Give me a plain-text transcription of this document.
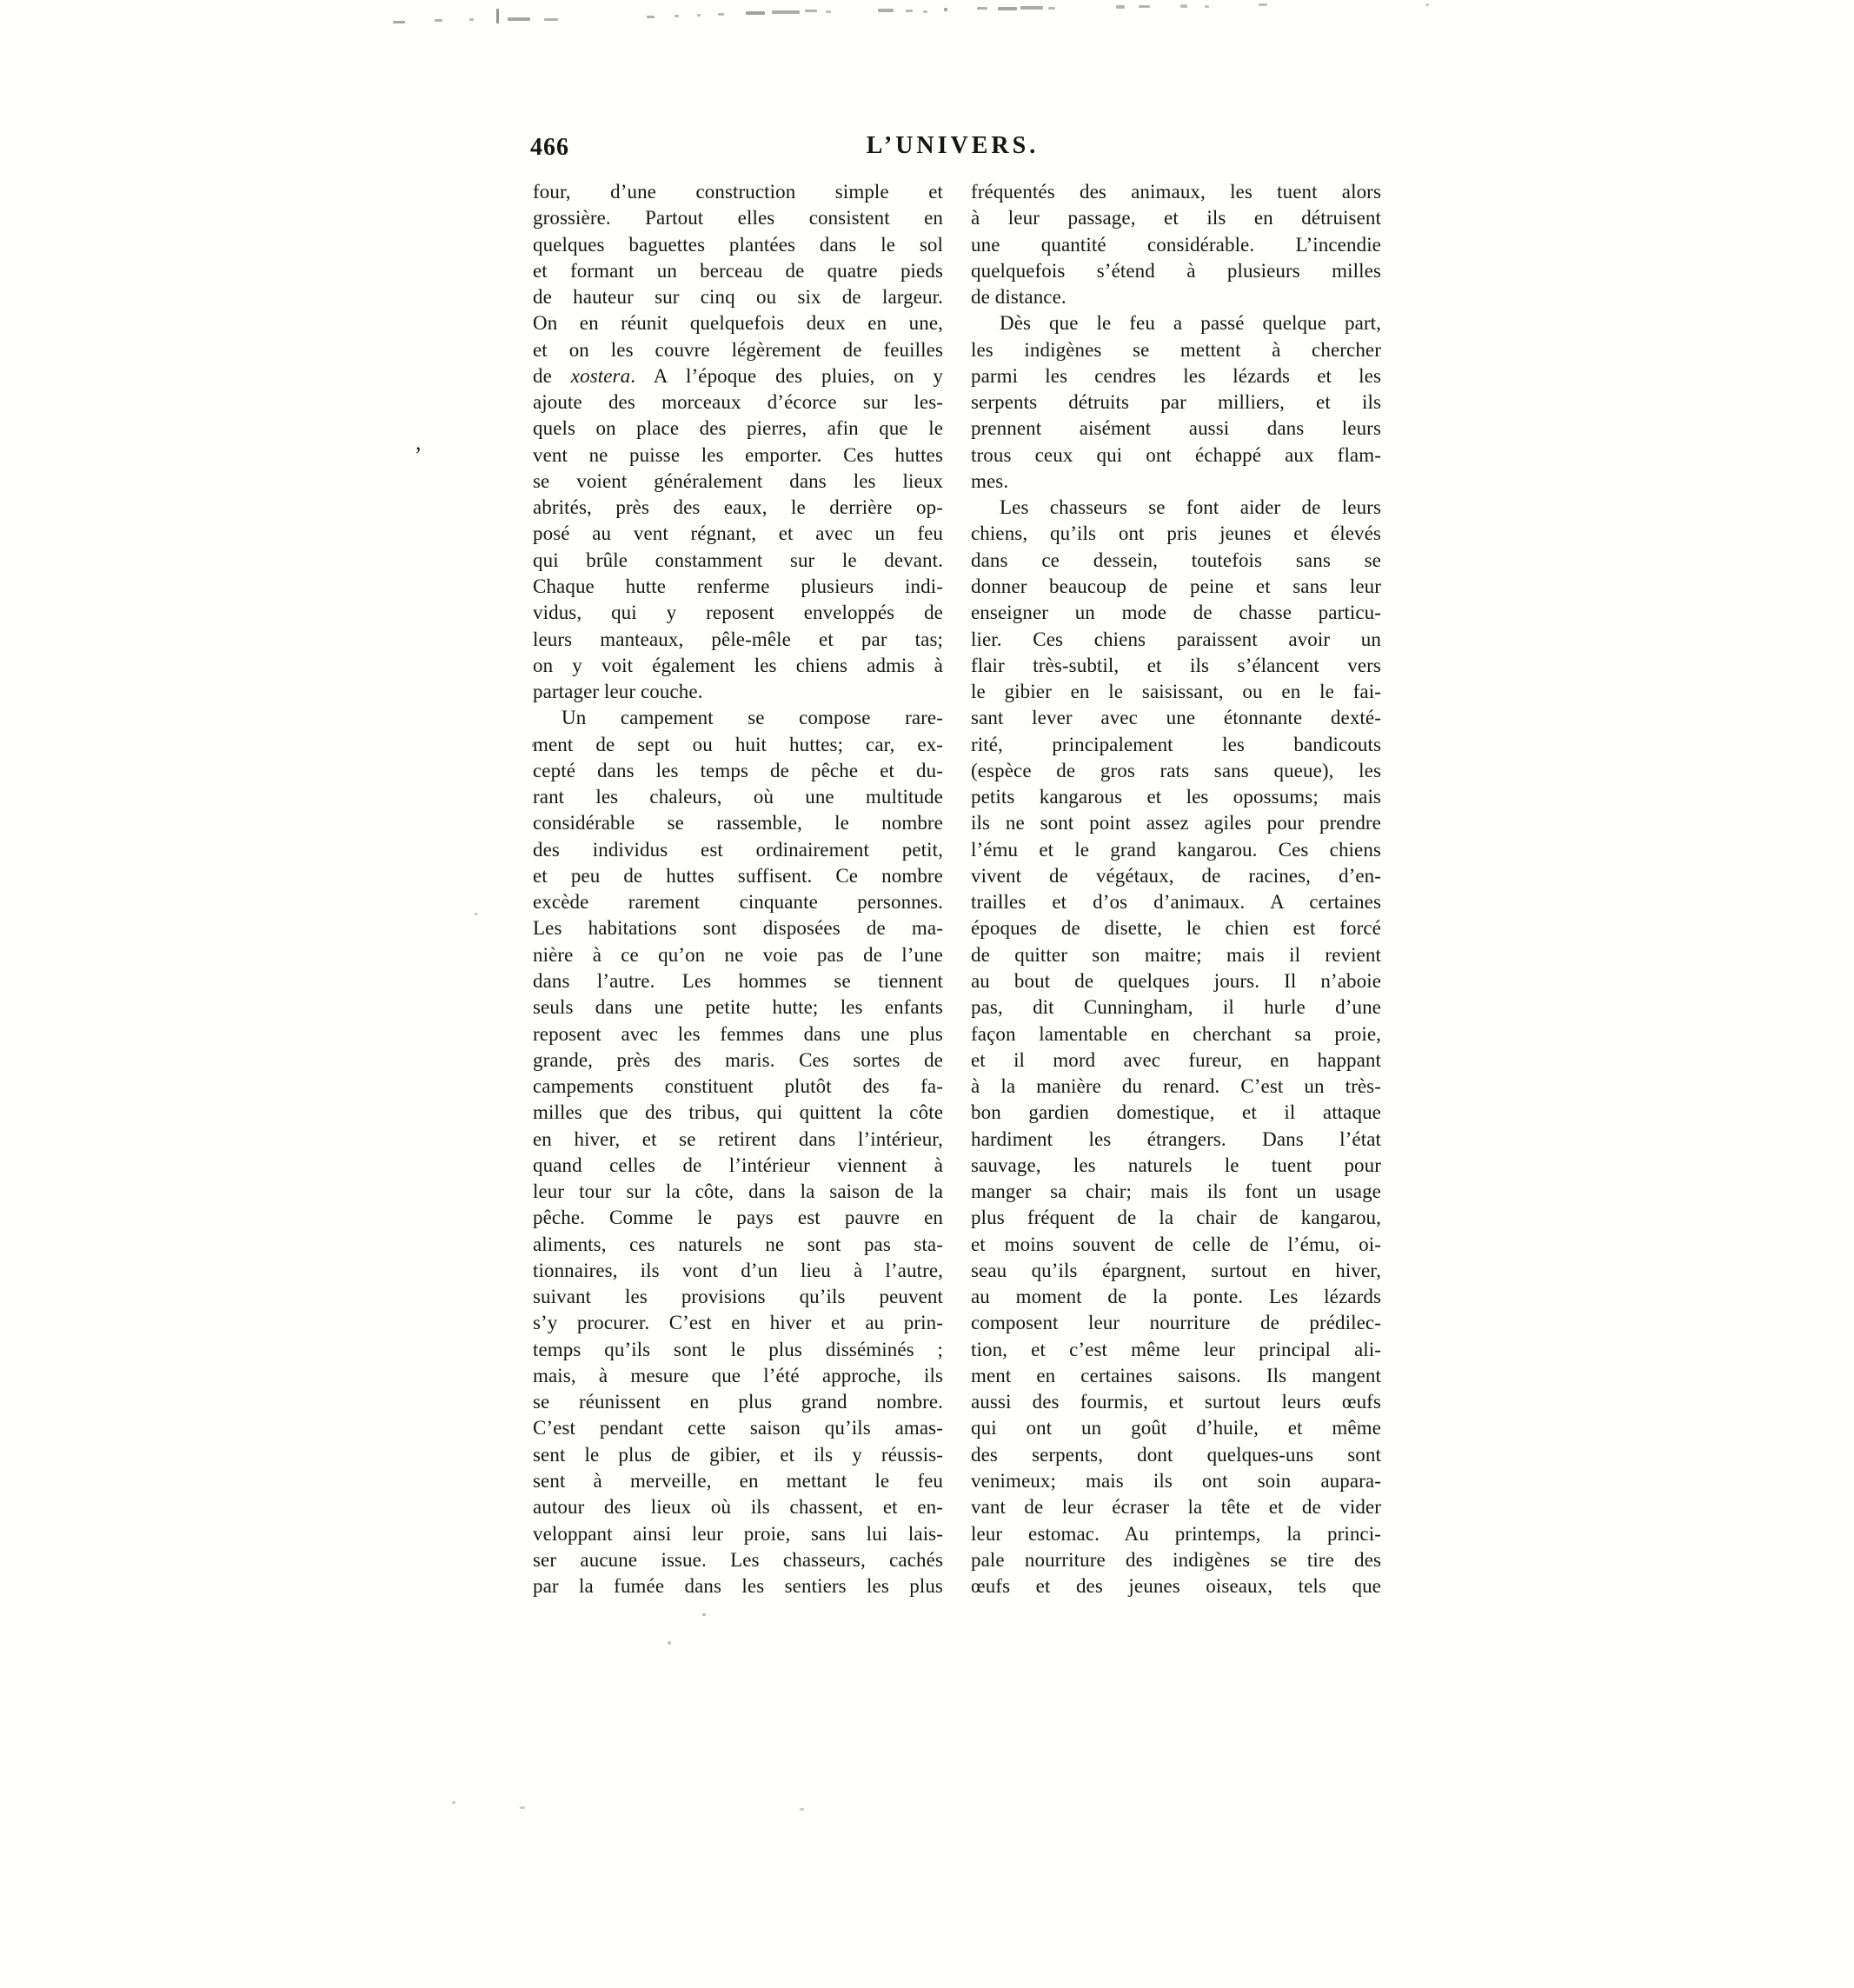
466	L’UNIVERS.
,

four, d’une construction simple et
grossière. Partout elles consistent en
quelques baguettes plantées dans le sol
et formant un berceau de quatre pieds
de hauteur sur cinq ou six de largeur.
On en réunit quelquefois deux en une,
et on les couvre légèrement de feuilles
de xostera. A l’époque des pluies, on y
ajoute des morceaux d’écorce sur les-
quels on place des pierres, afin que le
vent ne puisse les emporter. Ces huttes
se voient généralement dans les lieux
abrités, près des eaux, le derrière op-
posé au vent régnant, et avec un feu
qui brûle constamment sur le devant.
Chaque hutte renferme plusieurs indi-
vidus, qui y reposent enveloppés de
leurs manteaux, pêle-mêle et par tas;
on y voit également les chiens admis à
partager leur couche.

Un campement se compose rare-
ment de sept ou huit huttes; car, ex-
cepté dans les temps de pêche et du-
rant les chaleurs, où une multitude
considérable se rassemble, le nombre
des individus est ordinairement petit,
et peu de huttes suffisent. Ce nombre
excède rarement cinquante personnes.
Les habitations sont disposées de ma-
nière à ce qu’on ne voie pas de l’une
dans l’autre. Les hommes se tiennent
seuls dans une petite hutte; les enfants
reposent avec les femmes dans une plus
grande, près des maris. Ces sortes de
campements constituent plutôt des fa-
milles que des tribus, qui quittent la côte
en hiver, et se retirent dans l’intérieur,
quand celles de l’intérieur viennent à
leur tour sur la côte, dans la saison de la
pêche. Comme le pays est pauvre en
aliments, ces naturels ne sont pas sta-
tionnaires, ils vont d’un lieu à l’autre,
suivant les provisions qu’ils peuvent
s’y procurer. C’est en hiver et au prin-
temps qu’ils sont le plus disséminés ;
mais, à mesure que l’été approche, ils
se réunissent en plus grand nombre.
C’est pendant cette saison qu’ils amas-
sent le plus de gibier, et ils y réussis-
sent à merveille, en mettant le feu
autour des lieux où ils chassent, et en-
veloppant ainsi leur proie, sans lui lais-
ser aucune issue. Les chasseurs, cachés
par la fumée dans les sentiers les plus

fréquentés des animaux, les tuent alors
à leur passage, et ils en détruisent
une quantité considérable. L’incendie
quelquefois s’étend à plusieurs milles
de distance.

Dès que le feu a passé quelque part,
les indigènes se mettent à chercher
parmi les cendres les lézards et les
serpents détruits par milliers, et ils
prennent aisément aussi dans leurs
trous ceux qui ont échappé aux flam-
mes.

Les chasseurs se font aider de leurs
chiens, qu’ils ont pris jeunes et élevés
dans ce dessein, toutefois sans se
donner beaucoup de peine et sans leur
enseigner un mode de chasse particu-
lier. Ces chiens paraissent avoir un
flair très-subtil, et ils s’élancent vers
le gibier en le saisissant, ou en le fai-
sant lever avec une étonnante dexté-
rité, principalement les bandicouts
(espèce de gros rats sans queue), les
petits kangarous et les opossums; mais
ils ne sont point assez agiles pour prendre
l’ému et le grand kangarou. Ces chiens
vivent de végétaux, de racines, d’en-
trailles et d’os d’animaux. A certaines
époques de disette, le chien est forcé
de quitter son maitre; mais il revient
au bout de quelques jours. Il n’aboie
pas, dit Cunningham, il hurle d’une
façon lamentable en cherchant sa proie,
et il mord avec fureur, en happant
à la manière du renard. C’est un très-
bon gardien domestique, et il attaque
hardiment les étrangers. Dans l’état
sauvage, les naturels le tuent pour
manger sa chair; mais ils font un usage
plus fréquent de la chair de kangarou,
et moins souvent de celle de l’ému, oi-
seau qu’ils épargnent, surtout en hiver,
au moment de la ponte. Les lézards
composent leur nourriture de prédilec-
tion, et c’est même leur principal ali-
ment en certaines saisons. Ils mangent
aussi des fourmis, et surtout leurs œufs
qui ont un goût d’huile, et même
des serpents, dont quelques-uns sont
venimeux; mais ils ont soin aupara-
vant de leur écraser la tête et de vider
leur estomac. Au printemps, la princi-
pale nourriture des indigènes se tire des
œufs et des jeunes oiseaux, tels que
